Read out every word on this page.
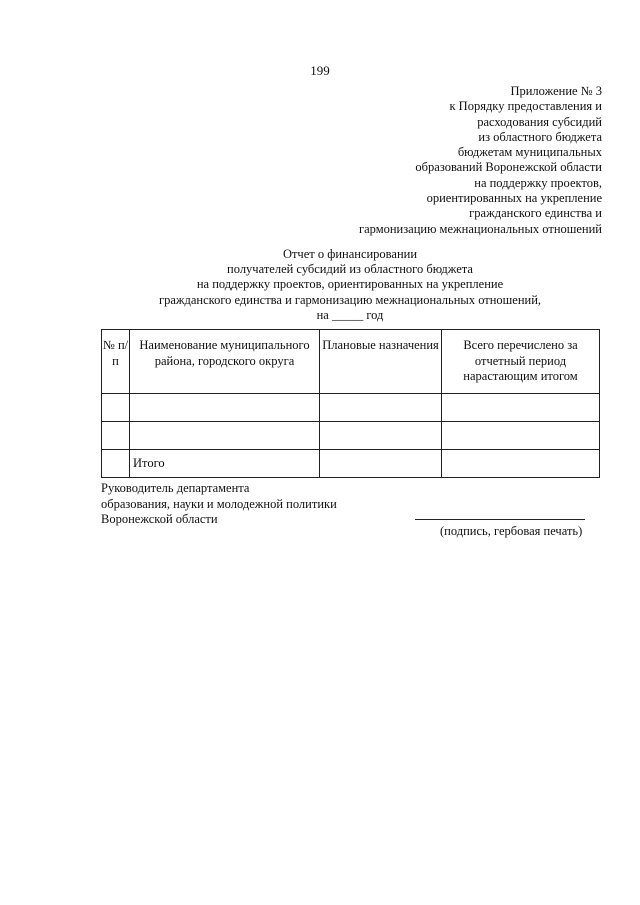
199
Приложение № 3
к Порядку предоставления и
расходования субсидий
из областного бюджета
бюджетам муниципальных
образований Воронежской области
на поддержку проектов,
ориентированных на укрепление
гражданского единства и
гармонизацию межнациональных отношений
Отчет о финансировании
получателей субсидий из областного бюджета
на поддержку проектов, ориентированных на укрепление
гражданского единства и гармонизацию межнациональных отношений,
на _____ год
№ п/п	Наименование муниципального района, городского округа	Плановые назначения	Всего перечислено за отчетный период нарастающим итогом

	Итого		
Руководитель департамента
образования, науки и молодежной политики
Воронежской области
(подпись, гербовая печать)
